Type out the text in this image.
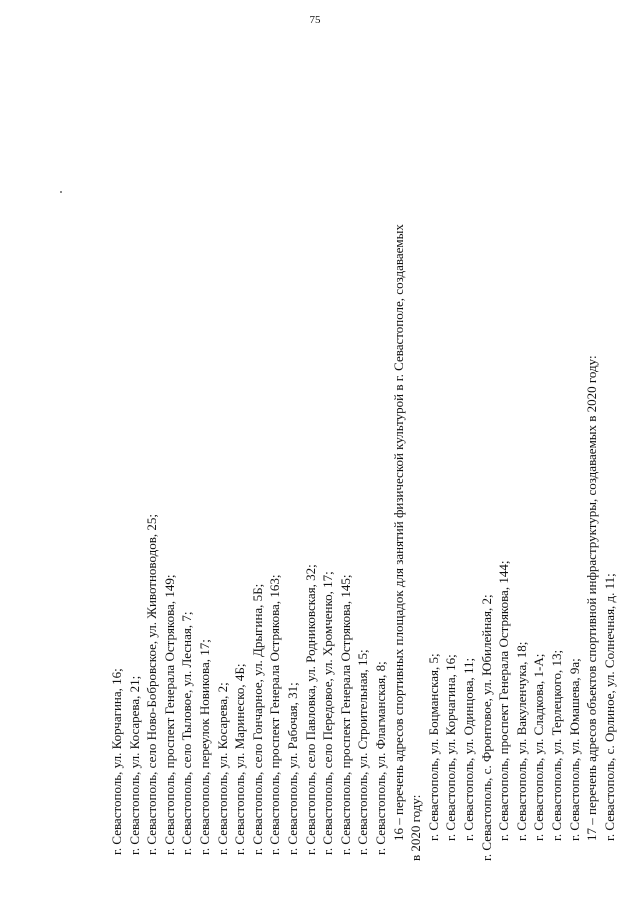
75
г. Севастополь, ул. Корчагина, 16; г. Севастополь, ул. Косарева, 21; г. Севастополь, село Ново-Бобровское, ул. Животноводов, 25; г. Севастополь, проспект Генерала Острякова, 149; г. Севастополь, село Тыловое, ул. Лесная, 7; г. Севастополь, переулок Новикова, 17; г. Севастополь, ул. Косарева, 2; г. Севастополь, ул. Маринеско, 4Б; г. Севастополь, село Гончарное, ул. Дрыгина, 5Б; г. Севастополь, проспект Генерала Острякова, 163; г. Севастополь, ул. Рабочая, 31; г. Севастополь, село Павловка, ул. Родниковская, 32; г. Севастополь, село Передовое, ул. Хромченко, 17; г. Севастополь, проспект Генерала Острякова, 145; г. Севастополь, ул. Строительная, 15; г. Севастополь, ул. Флагманская, 8; 16 – перечень адресов спортивных площадок для занятий физической культурой в г. Севастополе, создаваемых в 2020 году: г. Севастополь, ул. Боцманская, 5; г. Севастополь, ул. Корчагина, 16; г. Севастополь, ул. Одинцова, 11; г. Севастополь, с. Фронтовое, ул. Юбилейная, 2; г. Севастополь, проспект Генерала Острякова, 144; г. Севастополь, ул. Вакуленчука, 18; г. Севастополь, ул. Сладкова, 1-А; г. Севастополь, ул. Терлецкого, 13; г. Севастополь, ул. Юмашева, 9а; 17 – перечень адресов объектов спортивной инфраструктуры, создаваемых в 2020 году: г. Севастополь, с. Орлиное, ул. Солнечная, д. 11;
